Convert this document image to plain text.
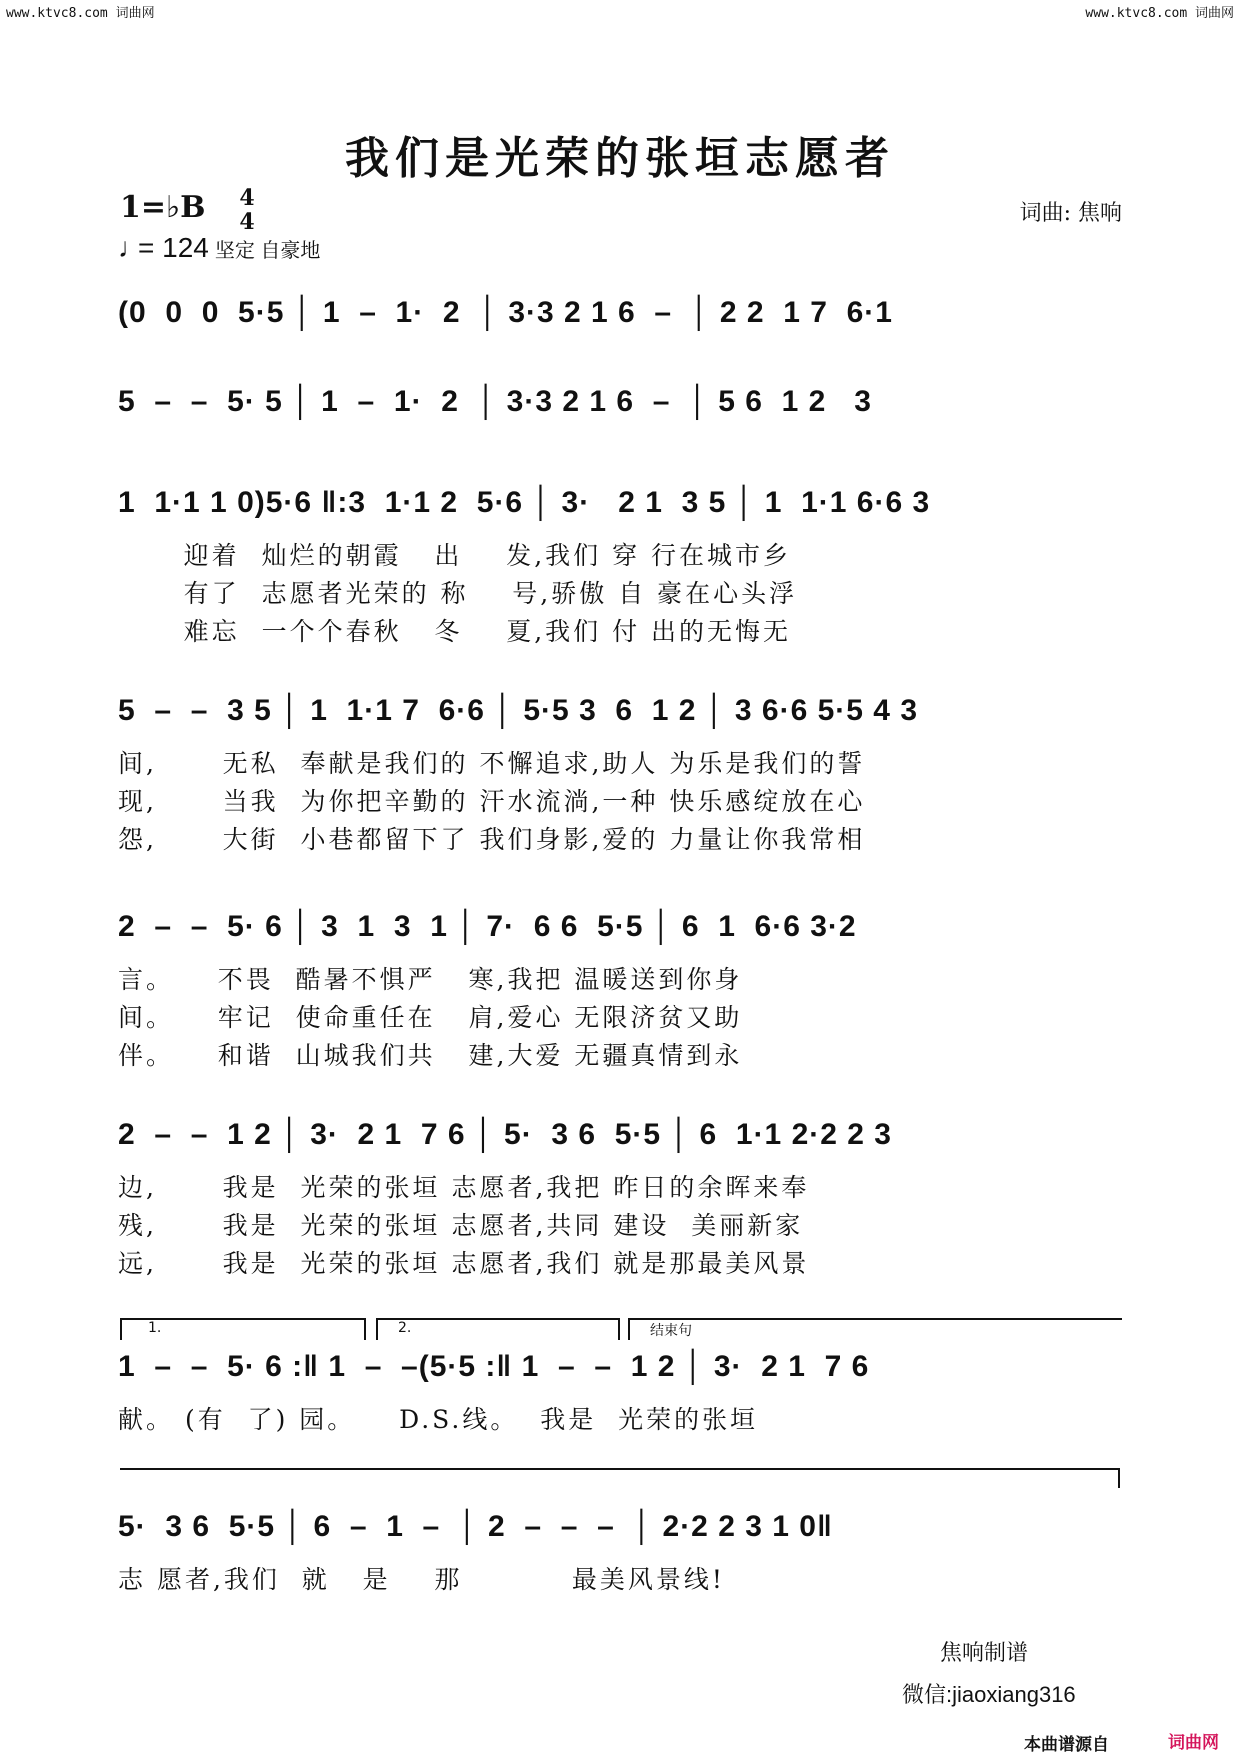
www.ktvc8.com 词曲网	www.ktvc8.com 词曲网
我们是光荣的张垣志愿者
1=♭B 4
4
♩= 124 坚定 自豪地
词曲: 焦响
(0  0  0  5·5 │ 1  –  1·  2  │ 3·3 2 1 6  –  │ 2 2  1 7  6·1
5  –  –  5· 5 │ 1  –  1·  2  │ 3·3 2 1 6  –  │ 5 6  1 2   3
1  1·1 1 0)5·6 ‖:3  1·1 2  5·6 │ 3·   2 1  3 5 │ 1  1·1 6·6 3
迎着  灿烂的朝霞   出    发,我们 穿 行在城市乡
有了  志愿者光荣的 称    号,骄傲 自 豪在心头浮
难忘  一个个春秋   冬    夏,我们 付 出的无悔无
5  –  –  3 5 │ 1  1·1 7  6·6 │ 5·5 3  6  1 2 │ 3 6·6 5·5 4 3
间,      无私  奉献是我们的 不懈追求,助人 为乐是我们的誓
现,      当我  为你把辛勤的 汗水流淌,一种 快乐感绽放在心
怨,      大街  小巷都留下了 我们身影,爱的 力量让你我常相
2  –  –  5· 6 │ 3  1  3  1 │ 7·  6 6  5·5 │ 6  1  6·6 3·2
言。    不畏  酷暑不惧严   寒,我把 温暖送到你身
间。    牢记  使命重任在   肩,爱心 无限济贫又助
伴。    和谐  山城我们共   建,大爱 无疆真情到永
2  –  –  1 2 │ 3·  2 1  7 6 │ 5·  3 6  5·5 │ 6  1·1 2·2 2 3
边,      我是  光荣的张垣 志愿者,我把 昨日的余晖来奉
残,      我是  光荣的张垣 志愿者,共同 建设  美丽新家
远,      我是  光荣的张垣 志愿者,我们 就是那最美风景
1.	2.	结束句
1  –  –  5· 6 :‖ 1  –  –(5·5 :‖ 1  –  –  1 2 │ 3·  2 1  7 6
献。 (有  了) 园。    D.S.线。  我是  光荣的张垣
5·  3 6  5·5 │ 6  –  1  –  │ 2  –  –  –  │ 2·2 2 3 1 0‖
志 愿者,我们  就   是    那          最美风景线!
焦响制谱
微信:jiaoxiang316
本曲谱源自	词曲网
